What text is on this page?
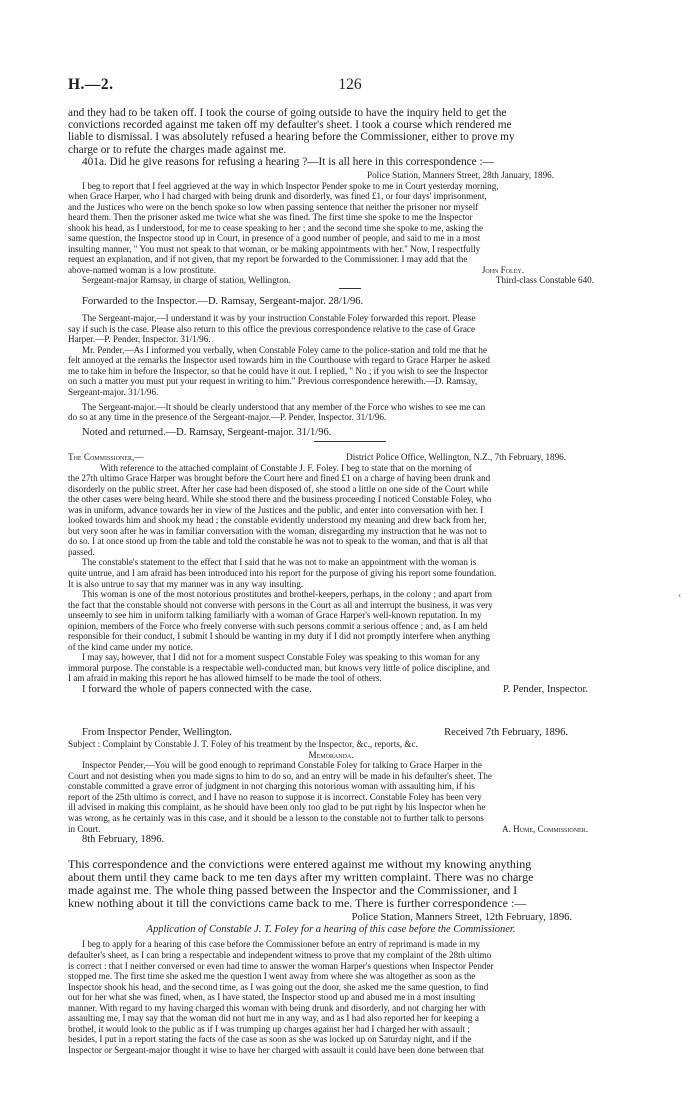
H.—2.	126

and they had to be taken off. I took the course of going outside to have the inquiry held to get the

convictions recorded against me taken off my defaulter's sheet. I took a course which rendered me

liable to dismissal. I was absolutely refused a hearing before the Commissioner, either to prove my

charge or to refute the charges made against me.

401a. Did he give reasons for refusing a hearing ?—It is all here in this correspondence :—

Police Station, Manners Street, 28th January, 1896.

I beg to report that I feel aggrieved at the way in which Inspector Pender spoke to me in Court yesterday morning,

when Grace Harper, who I had charged with being drunk and disorderly, was fined £1, or four days' imprisonment,

and the Justices who were on the bench spoke so low when passing sentence that neither the prisoner nor myself

heard them. Then the prisoner asked me twice what she was fined. The first time she spoke to me the Inspector

shook his head, as I understood, for me to cease speaking to her ; and the second time she spoke to me, asking the

same question, the Inspector stood up in Court, in presence of a good number of people, and said to me in a most

insulting manner, " You must not speak to that woman, or be making appointments with her." Now, I respectfully

request an explanation, and if not given, that my report be forwarded to the Commissioner. I may add that the

above-named woman is a low prostitute.	John Foley.
Sergeant-major Ramsay, in charge of station, Wellington.	Third-class Constable 640.

Forwarded to the Inspector.—D. Ramsay, Sergeant-major. 28/1/96.

The Sergeant-major,—I understand it was by your instruction Constable Foley forwarded this report. Please

say if such is the case. Please also return to this office the previous correspondence relative to the case of Grace

Harper.—P. Pender, Inspector. 31/1/96.

Mr. Pender,—As I informed you verbally, when Constable Foley came to the police-station and told me that he

felt annoyed at the remarks the Inspector used towards him in the Courthouse with regard to Grace Harper he asked

me to take him in before the Inspector, so that he could have it out. I replied, " No ; if you wish to see the Inspector

on such a matter you must put your request in writing to him." Previous correspondence herewith.—D. Ramsay,

Sergeant-major. 31/1/96.

The Sergeant-major.—It should be clearly understood that any member of the Force who wishes to see me can

do so at any time in the presence of the Sergeant-major.—P. Pender, Inspector. 31/1/96.

Noted and returned.—D. Ramsay, Sergeant-major. 31/1/96.

The Commissioner,—	District Police Office, Wellington, N.Z., 7th February, 1896.

With reference to the attached complaint of Constable J. F. Foley. I beg to state that on the morning of

the 27th ultimo Grace Harper was brought before the Court here and fined £1 on a charge of having been drunk and

disorderly on the public street. After her case had been disposed of, she stood a little on one side of the Court while

the other cases were being heard. While she stood there and the business proceeding I noticed Constable Foley, who

was in uniform, advance towards her in view of the Justices and the public, and enter into conversation with her. I

looked towards him and shook my head ; the constable evidently understood my meaning and drew back from her,

but very soon after he was in familiar conversation with the woman, disregarding my instruction that he was not to

do so. I at once stood up from the table and told the constable he was not to speak to the woman, and that is all that

passed.

The constable's statement to the effect that I said that he was not to make an appointment with the woman is

quite untrue, and I am afraid has been introduced into his report for the purpose of giving his report some foundation.

It is also untrue to say that my manner was in any way insulting.

This woman is one of the most notorious prostitutes and brothel-keepers, perhaps, in the colony ; and apart from

the fact that the constable should not converse with persons in the Court as all and interrupt the business, it was very

unseemly to see him in uniform talking familiarly with a woman of Grace Harper's well-known reputation. In my

opinion, members of the Force who freely converse with such persons commit a serious offence ; and, as I am held

responsible for their conduct, I submit I should be wanting in my duty if I did not promptly interfere when anything

of the kind came under my notice.

I may say, however, that I did not for a moment suspect Constable Foley was speaking to this woman for any

immoral purpose. The constable is a respectable well-conducted man, but knows very little of police discipline, and

I am afraid in making this report he has allowed himself to be made the tool of others.

I forward the whole of papers connected with the case.	P. Pender, Inspector.
From Inspector Pender, Wellington.	Received 7th February, 1896.

Subject : Complaint by Constable J. T. Foley of his treatment by the Inspector, &c., reports, &c.

Memoranda.

Inspector Pender,—You will be good enough to reprimand Constable Foley for talking to Grace Harper in the

Court and not desisting when you made signs to him to do so, and an entry will be made in his defaulter's sheet. The

constable committed a grave error of judgment in not charging this notorious woman with assaulting him, if his

report of the 25th ultimo is correct, and I have no reason to suppose it is incorrect. Constable Foley has been very

ill advised in making this complaint, as he should have been only too glad to be put right by his Inspector when he

was wrong, as he certainly was in this case, and it should be a lesson to the constable not to further talk to persons

in Court.	A. Hume, Commissioner.

8th February, 1896.

This correspondence and the convictions were entered against me without my knowing anything

about them until they came back to me ten days after my written complaint. There was no charge

made against me. The whole thing passed between the Inspector and the Commissioner, and I

knew nothing about it till the convictions came back to me. There is further correspondence :—

Police Station, Manners Street, 12th February, 1896.

Application of Constable J. T. Foley for a hearing of this case before the Commissioner.

I beg to apply for a hearing of this case before the Commissioner before an entry of reprimand is made in my

defaulter's sheet, as I can bring a respectable and independent witness to prove that my complaint of the 28th ultimo

is correct : that I neither conversed or even had time to answer the woman Harper's questions when Inspector Pender

stopped me. The first time she asked me the question I went away from where she was altogether as soon as the

Inspector shook his head, and the second time, as I was going out the door, she asked me the same question, to find

out for her what she was fined, when, as I have stated, the Inspector stood up and abused me in a most insulting

manner. With regard to my having charged this woman with being drunk and disorderly, and not charging her with

assaulting me, I may say that the woman did not hurt me in any way, and as I had also reported her for keeping a

brothel, it would look to the public as if I was trumping up charges against her had I charged her with assault ;

besides, I put in a report stating the facts of the case as soon as she was locked up on Saturday night, and if the

Inspector or Sergeant-major thought it wise to have her charged with assault it could have been done between that

‹
